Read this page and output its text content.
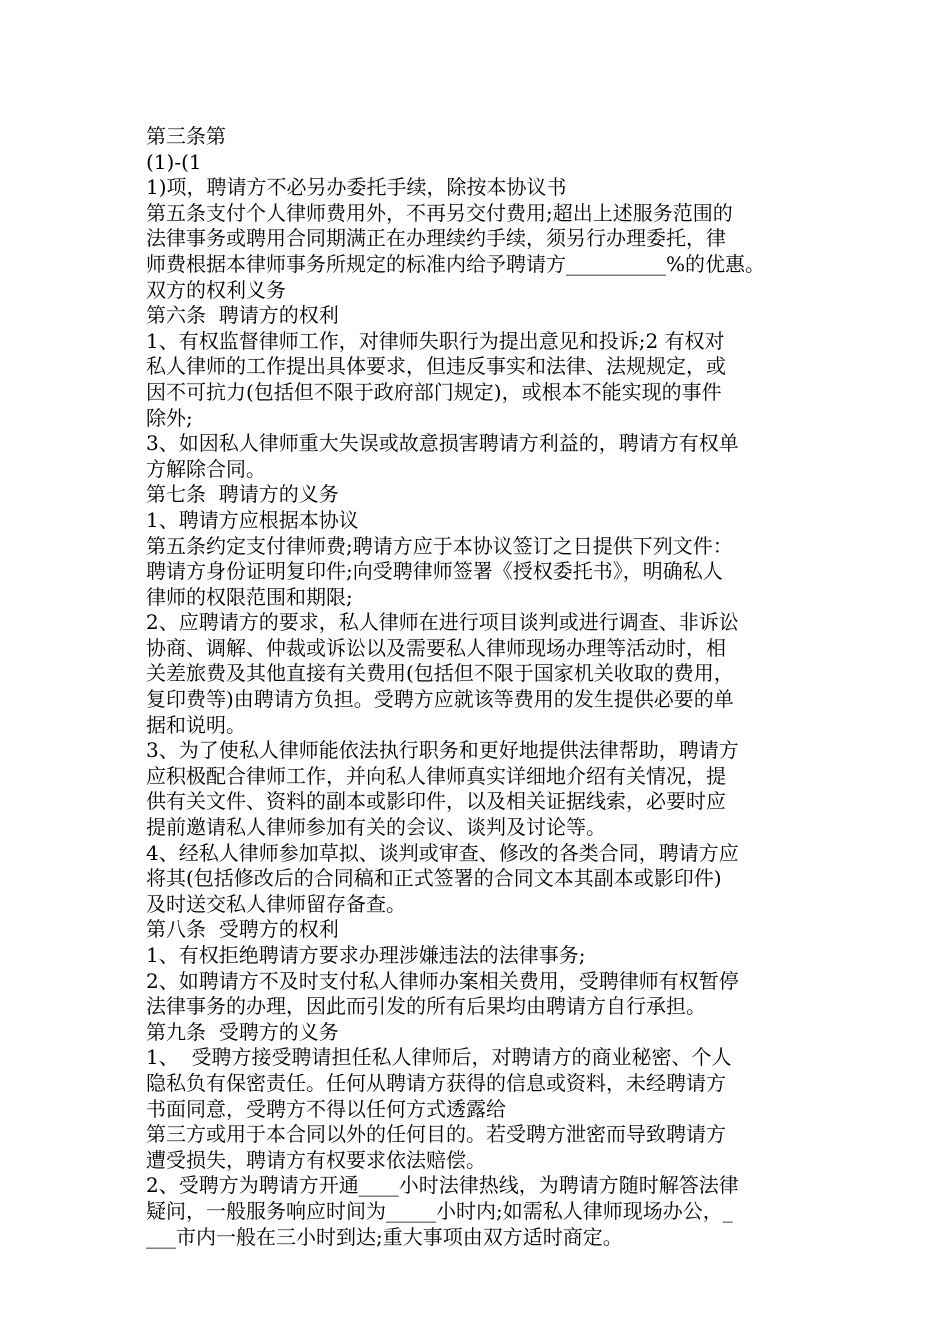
第三条第
(1)-(1
1)项，聘请方不必另办委托手续，除按本协议书
第五条支付个人律师费用外，不再另交付费用;超出上述服务范围的
法律事务或聘用合同期满正在办理续约手续，须另行办理委托，律
师费根据本律师事务所规定的标准内给予聘请方__________%的优惠。
双方的权利义务
第六条  聘请方的权利
1、有权监督律师工作，对律师失职行为提出意见和投诉;2 有权对
私人律师的工作提出具体要求，但违反事实和法律、法规规定，或
因不可抗力(包括但不限于政府部门规定)，或根本不能实现的事件
除外;
3、如因私人律师重大失误或故意损害聘请方利益的，聘请方有权单
方解除合同。
第七条  聘请方的义务
1、聘请方应根据本协议
第五条约定支付律师费;聘请方应于本协议签订之日提供下列文件：
聘请方身份证明复印件;向受聘律师签署《授权委托书》，明确私人
律师的权限范围和期限;
2、应聘请方的要求，私人律师在进行项目谈判或进行调查、非诉讼
协商、调解、仲裁或诉讼以及需要私人律师现场办理等活动时，相
关差旅费及其他直接有关费用(包括但不限于国家机关收取的费用，
复印费等)由聘请方负担。受聘方应就该等费用的发生提供必要的单
据和说明。
3、为了使私人律师能依法执行职务和更好地提供法律帮助，聘请方
应积极配合律师工作，并向私人律师真实详细地介绍有关情况，提
供有关文件、资料的副本或影印件，以及相关证据线索，必要时应
提前邀请私人律师参加有关的会议、谈判及讨论等。
4、经私人律师参加草拟、谈判或审查、修改的各类合同，聘请方应
将其(包括修改后的合同稿和正式签署的合同文本其副本或影印件)
及时送交私人律师留存备查。
第八条  受聘方的权利
1、有权拒绝聘请方要求办理涉嫌违法的法律事务;
2、如聘请方不及时支付私人律师办案相关费用，受聘律师有权暂停
法律事务的办理，因此而引发的所有后果均由聘请方自行承担。
第九条  受聘方的义务
1、  受聘方接受聘请担任私人律师后，对聘请方的商业秘密、个人
隐私负有保密责任。任何从聘请方获得的信息或资料，未经聘请方
书面同意，受聘方不得以任何方式透露给
第三方或用于本合同以外的任何目的。若受聘方泄密而导致聘请方
遭受损失，聘请方有权要求依法赔偿。
2、受聘方为聘请方开通____小时法律热线，为聘请方随时解答法律
疑问，一般服务响应时间为_____小时内;如需私人律师现场办公，_
___市内一般在三小时到达;重大事项由双方适时商定。
